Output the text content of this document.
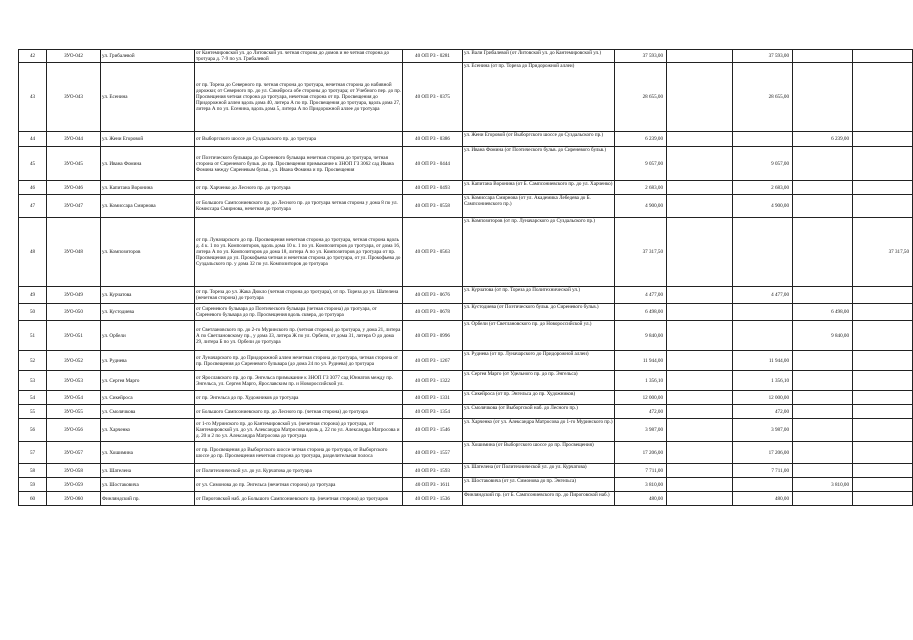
42	ЗУО-042	ул. Грибалевой	от Кантемировской ул. до Литовской ул. четная сторона до домов и не четная сторона до тротуара д. 7-9 по ул. Грибалевой	40 ОП РЗ - 0281	ул. Вали Грибалевой (от Литовской ул. до Кантемировской ул.)	37 593,00		37 593,00		
43	ЗУО-043	ул. Есенина	от пр. Тореза до Северного пр. четная сторона до тротуара, нечетная сторона до набивной дорожки; от Северного пр. до ул. Сикейроса обе стороны до тротуара; от Учебного пер. до пр. Просвещения четная сторона до тротуара, нечетная сторона от пр. Просвещения до Придорожной аллеи вдоль дома 40, литера А по пр. Просвещения до тротуара, вдоль дома 27, литера А по ул. Есенина, вдоль дома 5, литера А по Придорожной аллее до тротуара	40 ОП РЗ - 0375	ул. Есенина (от пр. Тореза до Придорожной аллеи)	28 655,00		28 655,00		
44	ЗУО-044	ул. Жени Егоровой	от Выборгского шоссе до Суздальского пр. до тротуара	40 ОП РЗ - 0386	ул. Жени Егоровой (от Выборгского шоссе до Суздальского пр.)	6 239,00			6 239,00	
45	ЗУО-045	ул. Ивана Фомина	от Поэтического бульвара до Сиреневого бульвара нечетная сторона до тротуара, четная сторона от Сиреневого бульв. до пр. Просвещения примыкание к ЗНОП ГЗ 3062 сад Ивана Фомина между Сиреневым бульв., ул. Ивана Фомина и пр. Просвещения	40 ОП РЗ - 0444	ул. Ивана Фомина (от Поэтического бульв. до Сиреневого бульв.)	9 057,00		9 057,00		
46	ЗУО-046	ул. Капитана Воронина	от пр. Харченко до Лесного пр. до тротуара	40 ОП РЗ - 0493	ул. Капитана Воронина (от Б. Сампсониевского пр. до ул. Харченко)	2 683,00		2 683,00		
47	ЗУО-047	ул. Комиссара Смирнова	от Большого Сампсониевского пр. до Лесного пр. до тротуара четная сторона у дома 8 по ул. Комиссара Смирнова, нечетная до тротуара	40 ОП РЗ - 0558	ул. Комиссара Смирнова (от ул. Академика Лебедева до Б. Сампсониевского пр.)	4 900,00		4 900,00		
48	ЗУО-048	ул. Композиторов	от пр. Луначарского до пр. Просвещения нечетная сторона до тротуара, четная сторона вдоль д. 4 к. 1 по ул. Композиторов, вдоль дома 10 к. 1 по ул. Композиторов до тротуара, от дома 16, литера А по ул. Композиторов до дома 18, литера А по ул. Композиторов до тротуара от пр. Просвещения до ул. Прокофьева четная и нечетная сторона до тротуара, от ул. Прокофьева до Суздальского пр. у дома 32 по ул. Композиторов до тротуара	40 ОП РЗ - 0563	ул. Композиторов (от пр. Луначарского до Суздальского пр.)	37 317,50				37 317,50
49	ЗУО-049	ул. Курчатова	от пр. Тореза до ул. Жака Дюкло (четная сторона до тротуара), от пр. Тореза до ул. Шателена (нечетная сторона) до тротуара	40 ОП РЗ - 0676	ул. Курчатова (от пр. Тореза до Политехнической ул.)	4 477,00		4 477,00		
50	ЗУО-050	ул. Кустодиева	от Сиреневого бульвара до Поэтического бульвара (четная сторона) до тротуара, от Сиреневого бульвара до пр. Просвещения вдоль сквера, до тротуара	40 ОП РЗ - 0678	ул. Кустодиева (от Поэтического бульв. до Сиреневого бульв.)	6 498,00			6 498,00	
51	ЗУО-051	ул. Орбели	от Светлановского пр. до 2-го Муринского пр. (четная сторона) до тротуара, у дома 21, литера А по Светлановскому пр., у дома 33, литера Ж по ул. Орбели, от дома 31, литера О до дома 29, литера Б по ул. Орбели до тротуара	40 ОП РЗ - 0996	ул. Орбели (от Светлановского пр. до Новороссийской ул.)	9 840,00			9 840,00	
52	ЗУО-052	ул. Руднева	от Луначарского пр. до Придорожной аллеи нечетная сторона до тротуара, четная сторона от пр. Просвещения до Сиреневого бульвара (до дома 24 по ул. Руднева) до тротуара	40 ОП РЗ - 1267	ул. Руднева (от пр. Луначарского до Придорожной аллеи)	11 944,00		11 944,00		
53	ЗУО-053	ул. Сергея Марго	от Ярославского пр. до пр. Энгельса примыкание к ЗНОП ГЗ 3077 сад Юннатов между пр. Энгельса, ул. Сергея Марго, Ярославским пр. и Новороссийской ул.	40 ОП РЗ - 1322	ул. Сергея Марго (от Удельного пр. до пр. Энгельса)	1 356,10		1 356,10		
54	ЗУО-054	ул. Сикейроса	от пр. Энгельса до пр. Художников до тротуара	40 ОП РЗ - 1331	ул. Сикейроса (от пр. Энгельса до пр. Художников)	12 000,00		12 000,00		
55	ЗУО-055	ул. Смолячкова	от Большого Сампсониевского пр. до Лесного пр. (четная сторона) до тротуара	40 ОП РЗ - 1354	ул. Смолячкова (от Выборгской наб. до Лесного пр.)	472,00		472,00		
56	ЗУО-056	ул. Харченко	от 1-го Муринского пр. до Кантемировской ул. (нечетная сторона) до тротуара, от Кантемировской ул. до ул. Александра Матросова вдоль д. 22 по ул. Александра Матросова и д. 20 и 2 по ул. Александра Матросова до тротуара	40 ОП РЗ - 1546	ул. Харченко (от ул. Александра Матросова до 1-го Муринского пр.)	3 987,00		3 987,00		
57	ЗУО-057	ул. Хошимина	от пр. Просвещения до Выборгского шоссе четная сторона до тротуара, от Выборгского шоссе до пр. Просвещения нечетная сторона до тротуара, разделительная полоса	40 ОП РЗ - 1557	ул. Хошимина (от Выборгского шоссе до пр. Просвещения)	17 206,00		17 206,00		
58	ЗУО-058	ул. Шателена	от Политехнической ул. до ул. Курчатова до тротуара	40 ОП РЗ - 1593	ул. Шателена (от Политехнической ул. до ул. Курчатова)	7 711,00		7 711,00		
59	ЗУО-059	ул. Шостаковича	от ул. Симонова до пр. Энгельса (нечетная сторона) до тротуара	40 ОП РЗ - 1611	ул. Шостаковича (от ул. Симонова до пр. Энгельса)	3 810,00			3 810,00	
60	ЗУО-060	Финляндский пр.	от Пироговской наб. до Большого Сампсониевского пр. (нечетная сторона) до тротуаров	40 ОП РЗ - 1536	Финляндский пр. (от Б. Сампсониевского пр. до Пироговской наб.)	480,00		480,00		
